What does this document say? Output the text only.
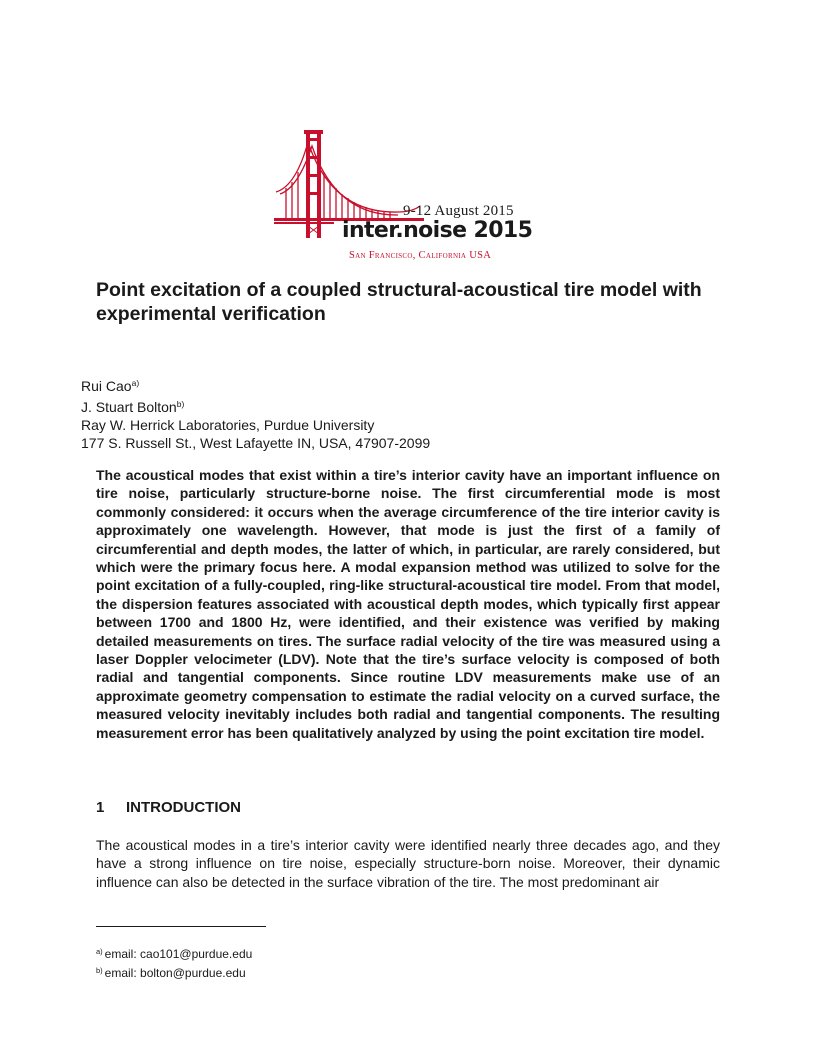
9-12 August 2015
inter.noise 2015
San Francisco, California USA
Point excitation of a coupled structural-acoustical tire model with experimental verification
Rui Cao$^{a)}$
J. Stuart Bolton$^{b)}$
Ray W. Herrick Laboratories, Purdue University
177 S. Russell St., West Lafayette IN, USA, 47907-2099

The acoustical modes that exist within a tire’s interior cavity have an important influence on tire noise, particularly structure-borne noise. The first circumferential mode is most commonly considered: it occurs when the average circumference of the tire interior cavity is approximately one wavelength. However, that mode is just the first of a family of circumferential and depth modes, the latter of which, in particular, are rarely considered, but which were the primary focus here. A modal expansion method was utilized to solve for the point excitation of a fully-coupled, ring-like structural-acoustical tire model. From that model, the dispersion features associated with acoustical depth modes, which typically first appear between 1700 and 1800 Hz, were identified, and their existence was verified by making detailed measurements on tires. The surface radial velocity of the tire was measured using a laser Doppler velocimeter (LDV). Note that the tire’s surface velocity is composed of both radial and tangential components. Since routine LDV measurements make use of an approximate geometry compensation to estimate the radial velocity on a curved surface, the measured velocity inevitably includes both radial and tangential components. The resulting measurement error has been qualitatively analyzed by using the point excitation tire model.

1 INTRODUCTION

The acoustical modes in a tire’s interior cavity were identified nearly three decades ago, and they have a strong influence on tire noise, especially structure-born noise. Moreover, their dynamic influence can also be detected in the surface vibration of the tire. The most predominant air

$^{a)}$ email: cao101@purdue.edu
$^{b)}$ email: bolton@purdue.edu
